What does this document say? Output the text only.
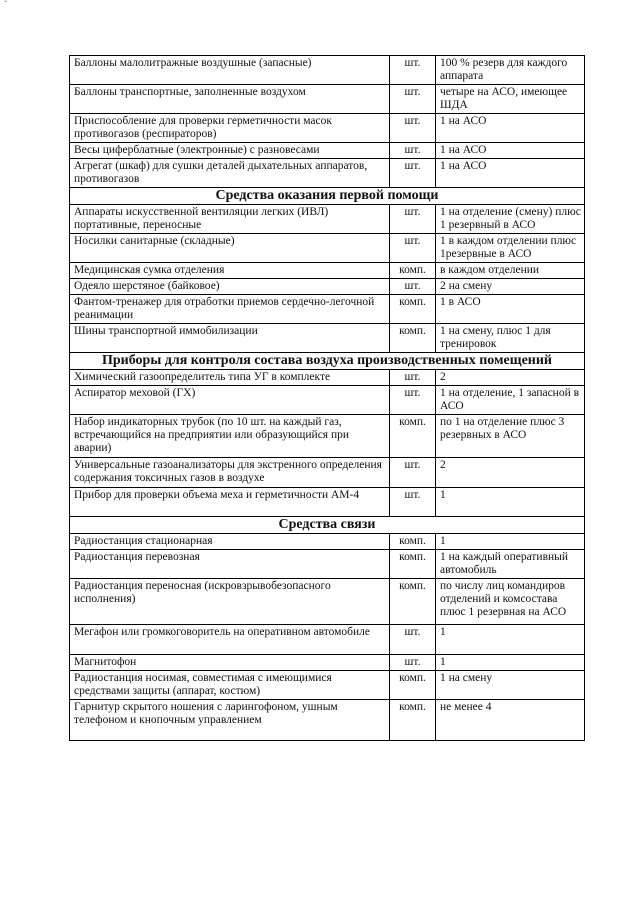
ˇ
Баллоны малолитражные воздушные (запасные)	шт.	100 % резерв для каждого аппарата
Баллоны транспортные, заполненные воздухом	шт.	четыре на АСО, имеющее ШДА
Приспособление для проверки герметичности масок противогазов (респираторов)	шт.	1 на АСО
Весы циферблатные (электронные) с разновесами	шт.	1 на АСО
Агрегат (шкаф) для сушки деталей дыхательных аппаратов, противогазов	шт.	1 на АСО
Средства оказания первой помощи		
Аппараты искусственной вентиляции легких (ИВЛ) портативные, переносные	шт.	1 на отделение (смену) плюс 1 резервный в АСО
Носилки санитарные (складные)	шт.	1 в каждом отделении плюс 1резервные в АСО
Медицинская сумка отделения	комп.	в каждом отделении
Одеяло шерстяное (байковое)	шт.	2 на смену
Фантом-тренажер для отработки приемов сердечно-легочной реанимации	комп.	1 в АСО
Шины транспортной иммобилизации	комп.	1 на смену, плюс 1 для тренировок
Приборы для контроля состава воздуха производственных помещений		
Химический газоопределитель типа УГ в комплекте	шт.	2
Аспиратор меховой (ГХ)	шт.	1 на отделение, 1 запасной в АСО
Набор индикаторных трубок (по 10 шт. на каждый газ, встречающийся на предприятии или образующийся при аварии)	комп.	по 1 на отделение плюс 3 резервных в АСО
Универсальные газоанализаторы для экстренного определения содержания токсичных газов в воздухе	шт.	2
Прибор для проверки объема меха и герметичности АМ-4	шт.	1
Средства связи		
Радиостанция стационарная	комп.	1
Радиостанция перевозная	комп.	1 на каждый оперативный автомобиль
Радиостанция переносная (искровзрывобезопасного исполнения)	комп.	по числу лиц командиров отделений и комсостава плюс 1 резервная на АСО
Мегафон или громкоговоритель на оперативном автомобиле	шт.	1
Магнитофон	шт.	1
Радиостанция носимая, совместимая с имеющимися средствами защиты (аппарат, костюм)	комп.	1 на смену
Гарнитур скрытого ношения с ларингофоном, ушным телефоном и кнопочным управлением	комп.	не менее 4
